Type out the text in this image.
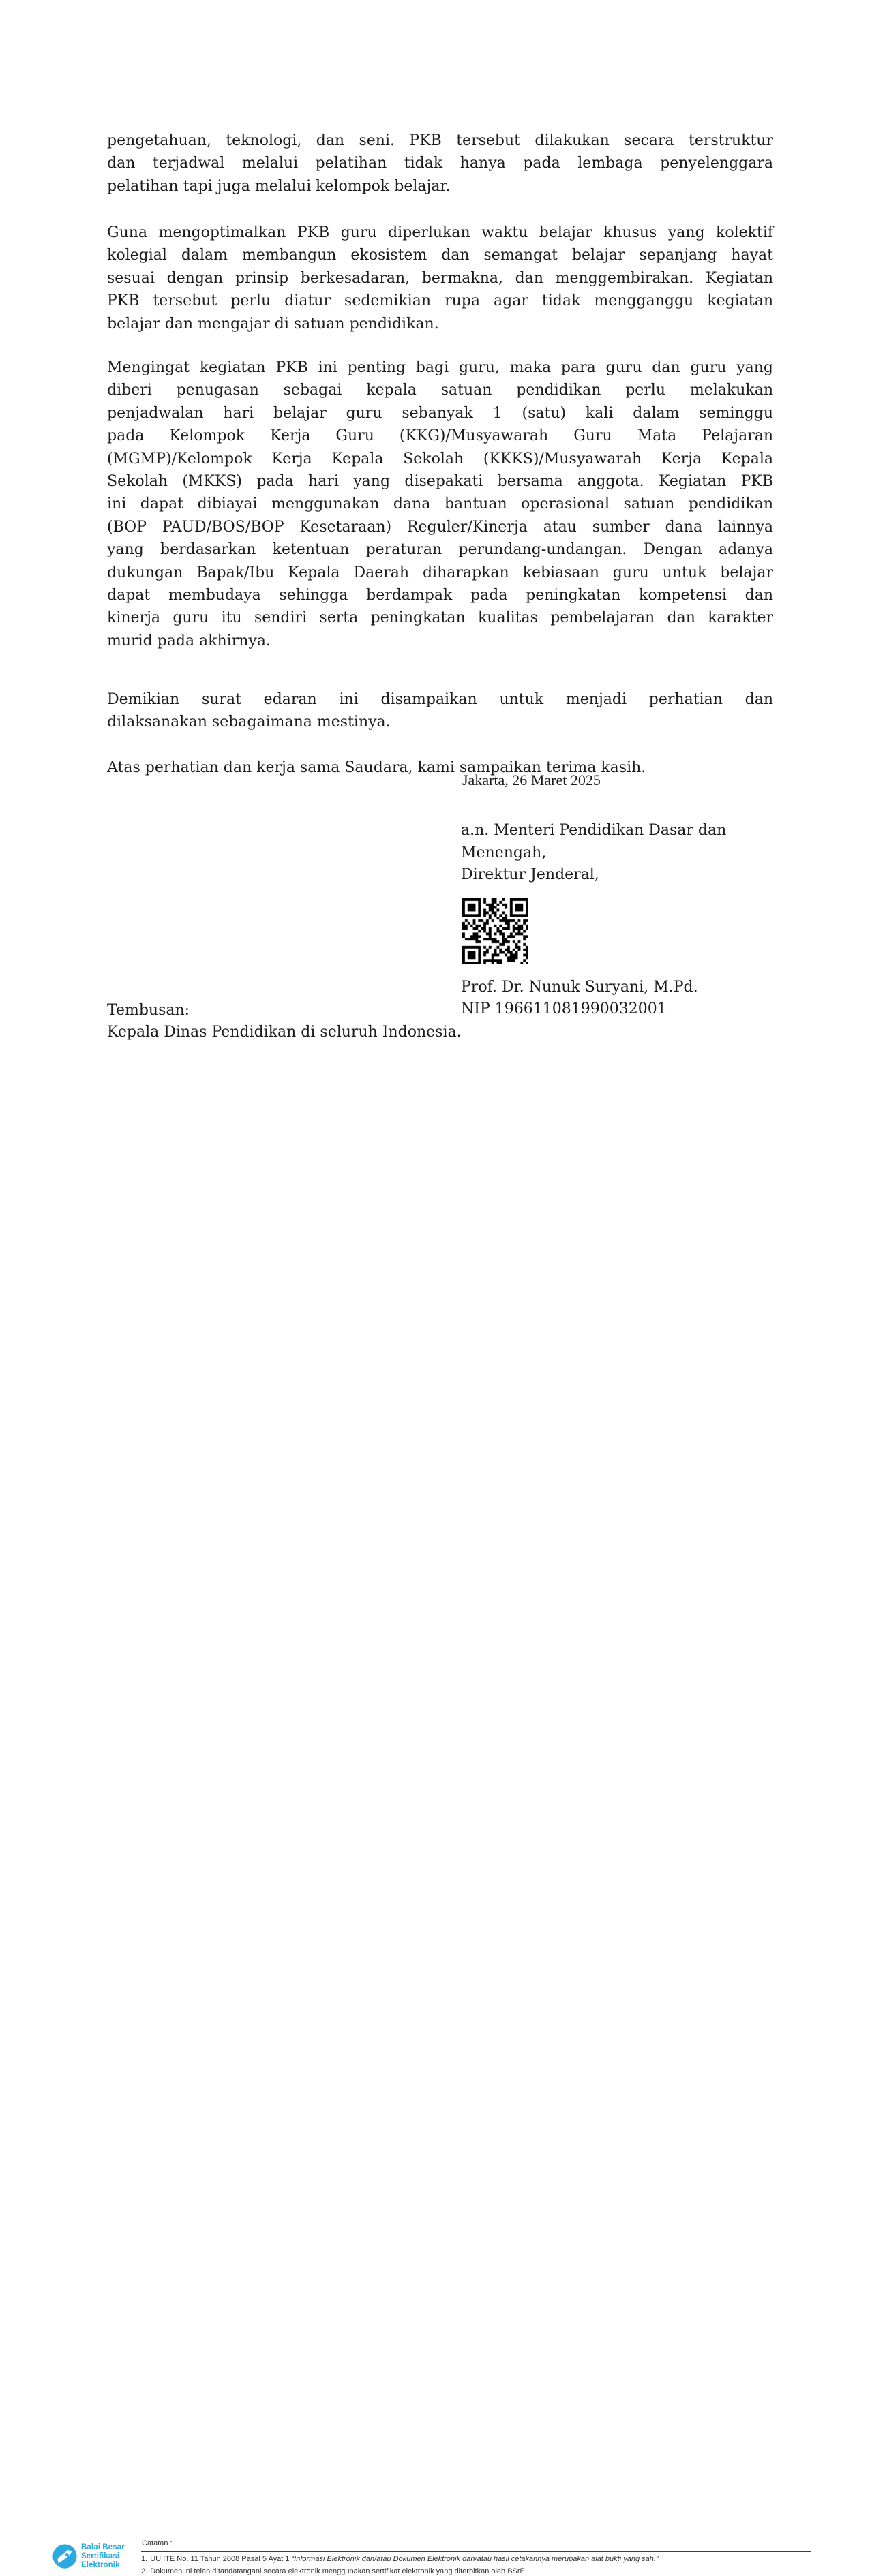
pengetahuan, teknologi, dan seni. PKB tersebut dilakukan secara terstruktur
dan terjadwal melalui pelatihan tidak hanya pada lembaga penyelenggara
pelatihan tapi juga melalui kelompok belajar.
Guna mengoptimalkan PKB guru diperlukan waktu belajar khusus yang kolektif
kolegial dalam membangun ekosistem dan semangat belajar sepanjang hayat
sesuai dengan prinsip berkesadaran, bermakna, dan menggembirakan. Kegiatan
PKB tersebut perlu diatur sedemikian rupa agar tidak mengganggu kegiatan
belajar dan mengajar di satuan pendidikan.
Mengingat kegiatan PKB ini penting bagi guru, maka para guru dan guru yang
diberi penugasan sebagai kepala satuan pendidikan perlu melakukan
penjadwalan hari belajar guru sebanyak 1 (satu) kali dalam seminggu
pada Kelompok Kerja Guru (KKG)/Musyawarah Guru Mata Pelajaran
(MGMP)/Kelompok Kerja Kepala Sekolah (KKKS)/Musyawarah Kerja Kepala
Sekolah (MKKS) pada hari yang disepakati bersama anggota. Kegiatan PKB
ini dapat dibiayai menggunakan dana bantuan operasional satuan pendidikan
(BOP PAUD/BOS/BOP Kesetaraan) Reguler/Kinerja atau sumber dana lainnya
yang berdasarkan ketentuan peraturan perundang-undangan. Dengan adanya
dukungan Bapak/Ibu Kepala Daerah diharapkan kebiasaan guru untuk belajar
dapat membudaya sehingga berdampak pada peningkatan kompetensi dan
kinerja guru itu sendiri serta peningkatan kualitas pembelajaran dan karakter
murid pada akhirnya.
Demikian surat edaran ini disampaikan untuk menjadi perhatian dan
dilaksanakan sebagaimana mestinya.
Atas perhatian dan kerja sama Saudara, kami sampaikan terima kasih.
Jakarta, 26 Maret 2025
a.n. Menteri Pendidikan Dasar dan
Menengah,
Direktur Jenderal,
Prof. Dr. Nunuk Suryani, M.Pd.
NIP 196611081990032001
Tembusan:
Kepala Dinas Pendidikan di seluruh Indonesia.
Balai Besar
Sertifikasi
Elektronik
Catatan :
1. UU ITE No. 11 Tahun 2008 Pasal 5 Ayat 1 “Informasi Elektronik dan/atau Dokumen Elektronik dan/atau hasil cetakannya merupakan alat bukti yang sah.”
2. Dokumen ini telah ditandatangani secara elektronik menggunakan sertifikat elektronik yang diterbitkan oleh BSrE
